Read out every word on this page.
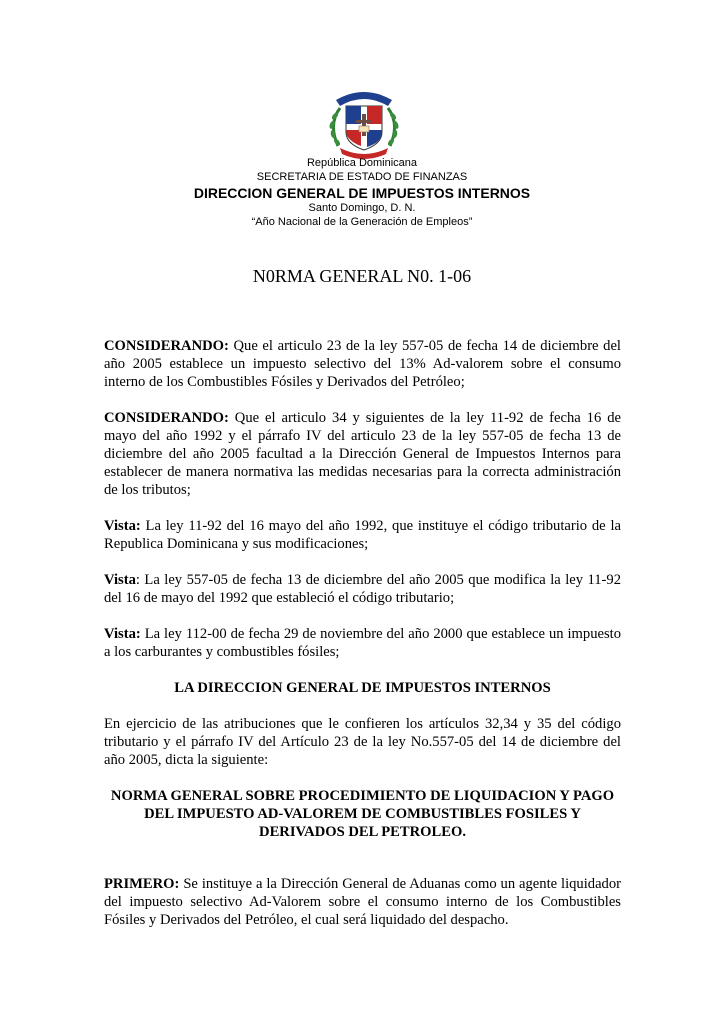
República Dominicana
SECRETARIA DE ESTADO DE FINANZAS
DIRECCION GENERAL DE IMPUESTOS INTERNOS
Santo Domingo, D. N.
“Año Nacional de la Generación de Empleos”
N0RMA GENERAL N0. 1-06

CONSIDERANDO: Que el articulo 23 de la ley 557-05 de fecha 14 de diciembre del año 2005 establece un impuesto selectivo del 13% Ad-valorem sobre el consumo interno de los Combustibles Fósiles y Derivados del Petróleo;

CONSIDERANDO: Que el articulo 34 y siguientes de la ley 11-92 de fecha 16 de mayo del año 1992 y el párrafo IV del articulo 23 de la ley 557-05 de fecha 13 de diciembre del año 2005 facultad a la Dirección General de Impuestos Internos para establecer de manera normativa las medidas necesarias para la correcta administración de los tributos;

Vista: La ley 11-92 del 16 mayo del año 1992, que instituye el código tributario de la Republica Dominicana y sus modificaciones;

Vista: La ley 557-05 de fecha 13 de diciembre del año 2005 que modifica la ley 11-92 del 16 de mayo del 1992 que estableció el código tributario;

Vista: La ley 112-00 de fecha 29 de noviembre del año 2000 que establece un impuesto a los carburantes y combustibles fósiles;

LA DIRECCION GENERAL DE IMPUESTOS INTERNOS

En ejercicio de las atribuciones que le confieren los artículos 32,34 y 35 del código tributario y el párrafo IV del Artículo 23 de la ley No.557-05 del 14 de diciembre del año 2005, dicta la siguiente:

NORMA GENERAL SOBRE PROCEDIMIENTO DE LIQUIDACION Y PAGO DEL IMPUESTO AD-VALOREM DE COMBUSTIBLES FOSILES Y DERIVADOS DEL PETROLEO.

PRIMERO: Se instituye a la Dirección General de Aduanas como un agente liquidador del impuesto selectivo Ad-Valorem sobre el consumo interno de los Combustibles Fósiles y Derivados del Petróleo, el cual será liquidado del despacho.
